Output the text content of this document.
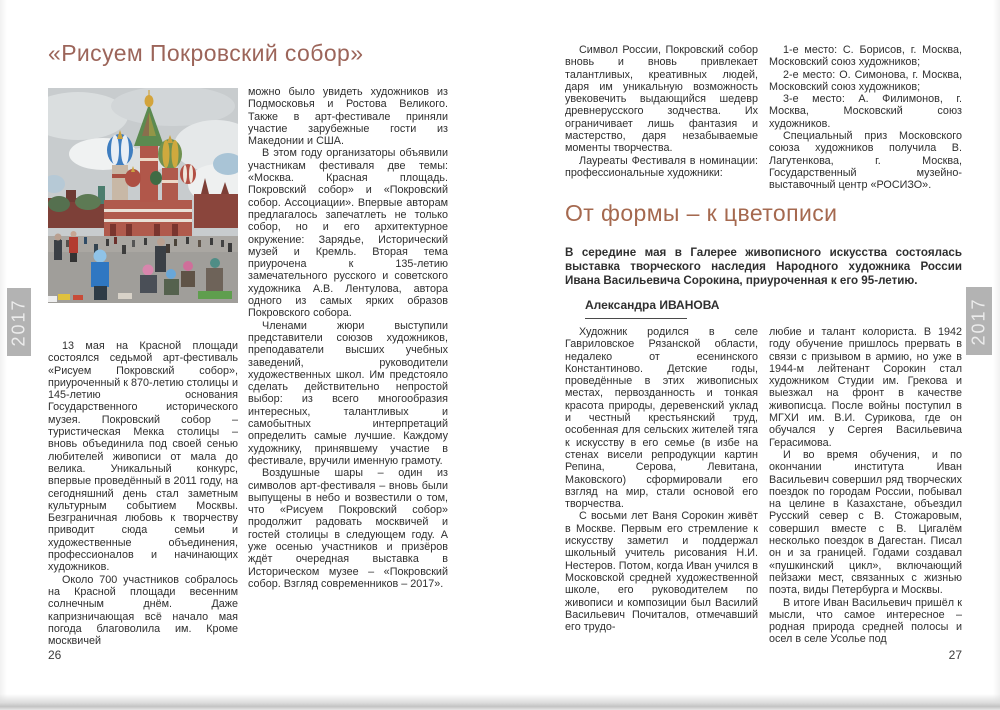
2017	2017
«Рисуем Покровский собор»

13 мая на Красной площади состоялся седьмой арт-фестиваль «Рисуем Покровский собор», приуроченный к 870-летию столицы и 145-летию основания Государственного исторического музея. Покровский собор – туристическая Мекка столицы – вновь объединила под своей сенью любителей живописи от мала до велика. Уникальный конкурс, впервые проведённый в 2011 году, на сегодняшний день стал заметным культурным событием Москвы. Безграничная любовь к творчеству приводит сюда семьи и художественные объединения, профессионалов и начинающих художников.

Около 700 участников собралось на Красной площади весенним солнечным днём. Даже капризничающая всё начало мая погода благоволила им. Кроме москвичей

можно было увидеть художников из Подмосковья и Ростова Великого. Также в арт-фестивале приняли участие зарубежные гости из Македонии и США.

В этом году организаторы объявили участникам фестиваля две темы: «Москва. Красная площадь. Покровский собор» и «Покровский собор. Ассоциации». Впервые авторам предлагалось запечатлеть не только собор, но и его архитектурное окружение: Зарядье, Исторический музей и Кремль. Вторая тема приурочена к 135-летию замечательного русского и советского художника А.В. Лентулова, автора одного из самых ярких образов Покровского собора.

Членами жюри выступили представители союзов художников, преподаватели высших учебных заведений, руководители художественных школ. Им предстояло сделать действительно непростой выбор: из всего многообразия интересных, талантливых и самобытных интерпретаций определить самые лучшие. Каждому художнику, принявшему участие в фестивале, вручили именную грамоту.

Воздушные шары – один из символов арт-фестиваля – вновь были выпущены в небо и возвестили о том, что «Рисуем Покровский собор» продолжит радовать москвичей и гостей столицы в следующем году. А уже осенью участников и призёров ждёт очередная выставка в Историческом музее – «Покровский собор. Взгляд современников – 2017».

26

Символ России, Покровский собор вновь и вновь привлекает талантливых, креативных людей, даря им уникальную возможность увековечить выдающийся шедевр древнерусского зодчества. Их ограничивает лишь фантазия и мастерство, даря незабываемые моменты творчества.

Лауреаты Фестиваля в номинации: профессиональные художники:

1-е место: С. Борисов, г. Москва, Московский союз художников;

2-е место: О. Симонова, г. Москва, Московский союз художников;

3-е место: А. Филимонов, г. Москва, Московский союз художников.

Специальный приз Московского союза художников получила В. Лагутенкова, г. Москва, Государственный музейно-выставочный центр «РОСИЗО».

От формы – к цветописи

В середине мая в Галерее живописного искусства состоялась выставка творческого наследия Народного художника России Ивана Васильевича Сорокина, приуроченная к его 95-летию.

Александра ИВАНОВА

Художник родился в селе Гавриловское Рязанской области, недалеко от есенинского Константиново. Детские годы, проведённые в этих живописных местах, первозданность и тонкая красота природы, деревенский уклад и честный крестьянский труд, особенная для сельских жителей тяга к искусству в его семье (в избе на стенах висели репродукции картин Репина, Серова, Левитана, Маковского) сформировали его взгляд на мир, стали основой его творчества.

С восьми лет Ваня Сорокин живёт в Москве. Первым его стремление к искусству заметил и поддержал школьный учитель рисования Н.И. Нестеров. Потом, когда Иван учился в Московской средней художественной школе, его руководителем по живописи и композиции был Василий Васильевич Почиталов, отмечавший его трудо-

любие и талант колориста. В 1942 году обучение пришлось прервать в связи с призывом в армию, но уже в 1944-м лейтенант Сорокин стал художником Студии им. Грекова и выезжал на фронт в качестве живописца. После войны поступил в МГХИ им. В.И. Сурикова, где он обучался у Сергея Васильевича Герасимова.

И во время обучения, и по окончании института Иван Васильевич совершил ряд творческих поездок по городам России, побывал на целине в Казахстане, объездил Русский север с В. Стожаровым, совершил вместе с В. Цигалём несколько поездок в Дагестан. Писал он и за границей. Годами создавал «пушкинский цикл», включающий пейзажи мест, связанных с жизнью поэта, виды Петербурга и Москвы.

В итоге Иван Васильевич пришёл к мысли, что самое интересное – родная природа средней полосы и осел в селе Усолье под

27
